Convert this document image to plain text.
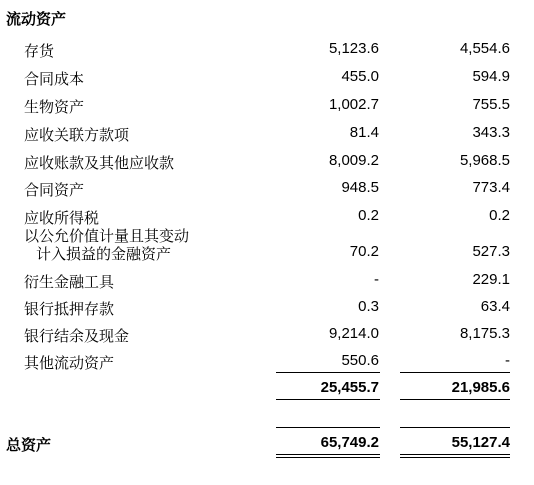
流动资产
存货	5,123.6	4,554.6
合同成本	455.0	594.9
生物资产	1,002.7	755.5
应收关联方款项	81.4	343.3
应收账款及其他应收款	8,009.2	5,968.5
合同资产	948.5	773.4
应收所得税	0.2	0.2
以公允价值计量且其变动
计入损益的金融资产	70.2	527.3
衍生金融工具	-	229.1
银行抵押存款	0.3	63.4
银行结余及现金	9,214.0	8,175.3
其他流动资产	550.6	-
25,455.7	21,985.6
总资产	65,749.2	55,127.4
